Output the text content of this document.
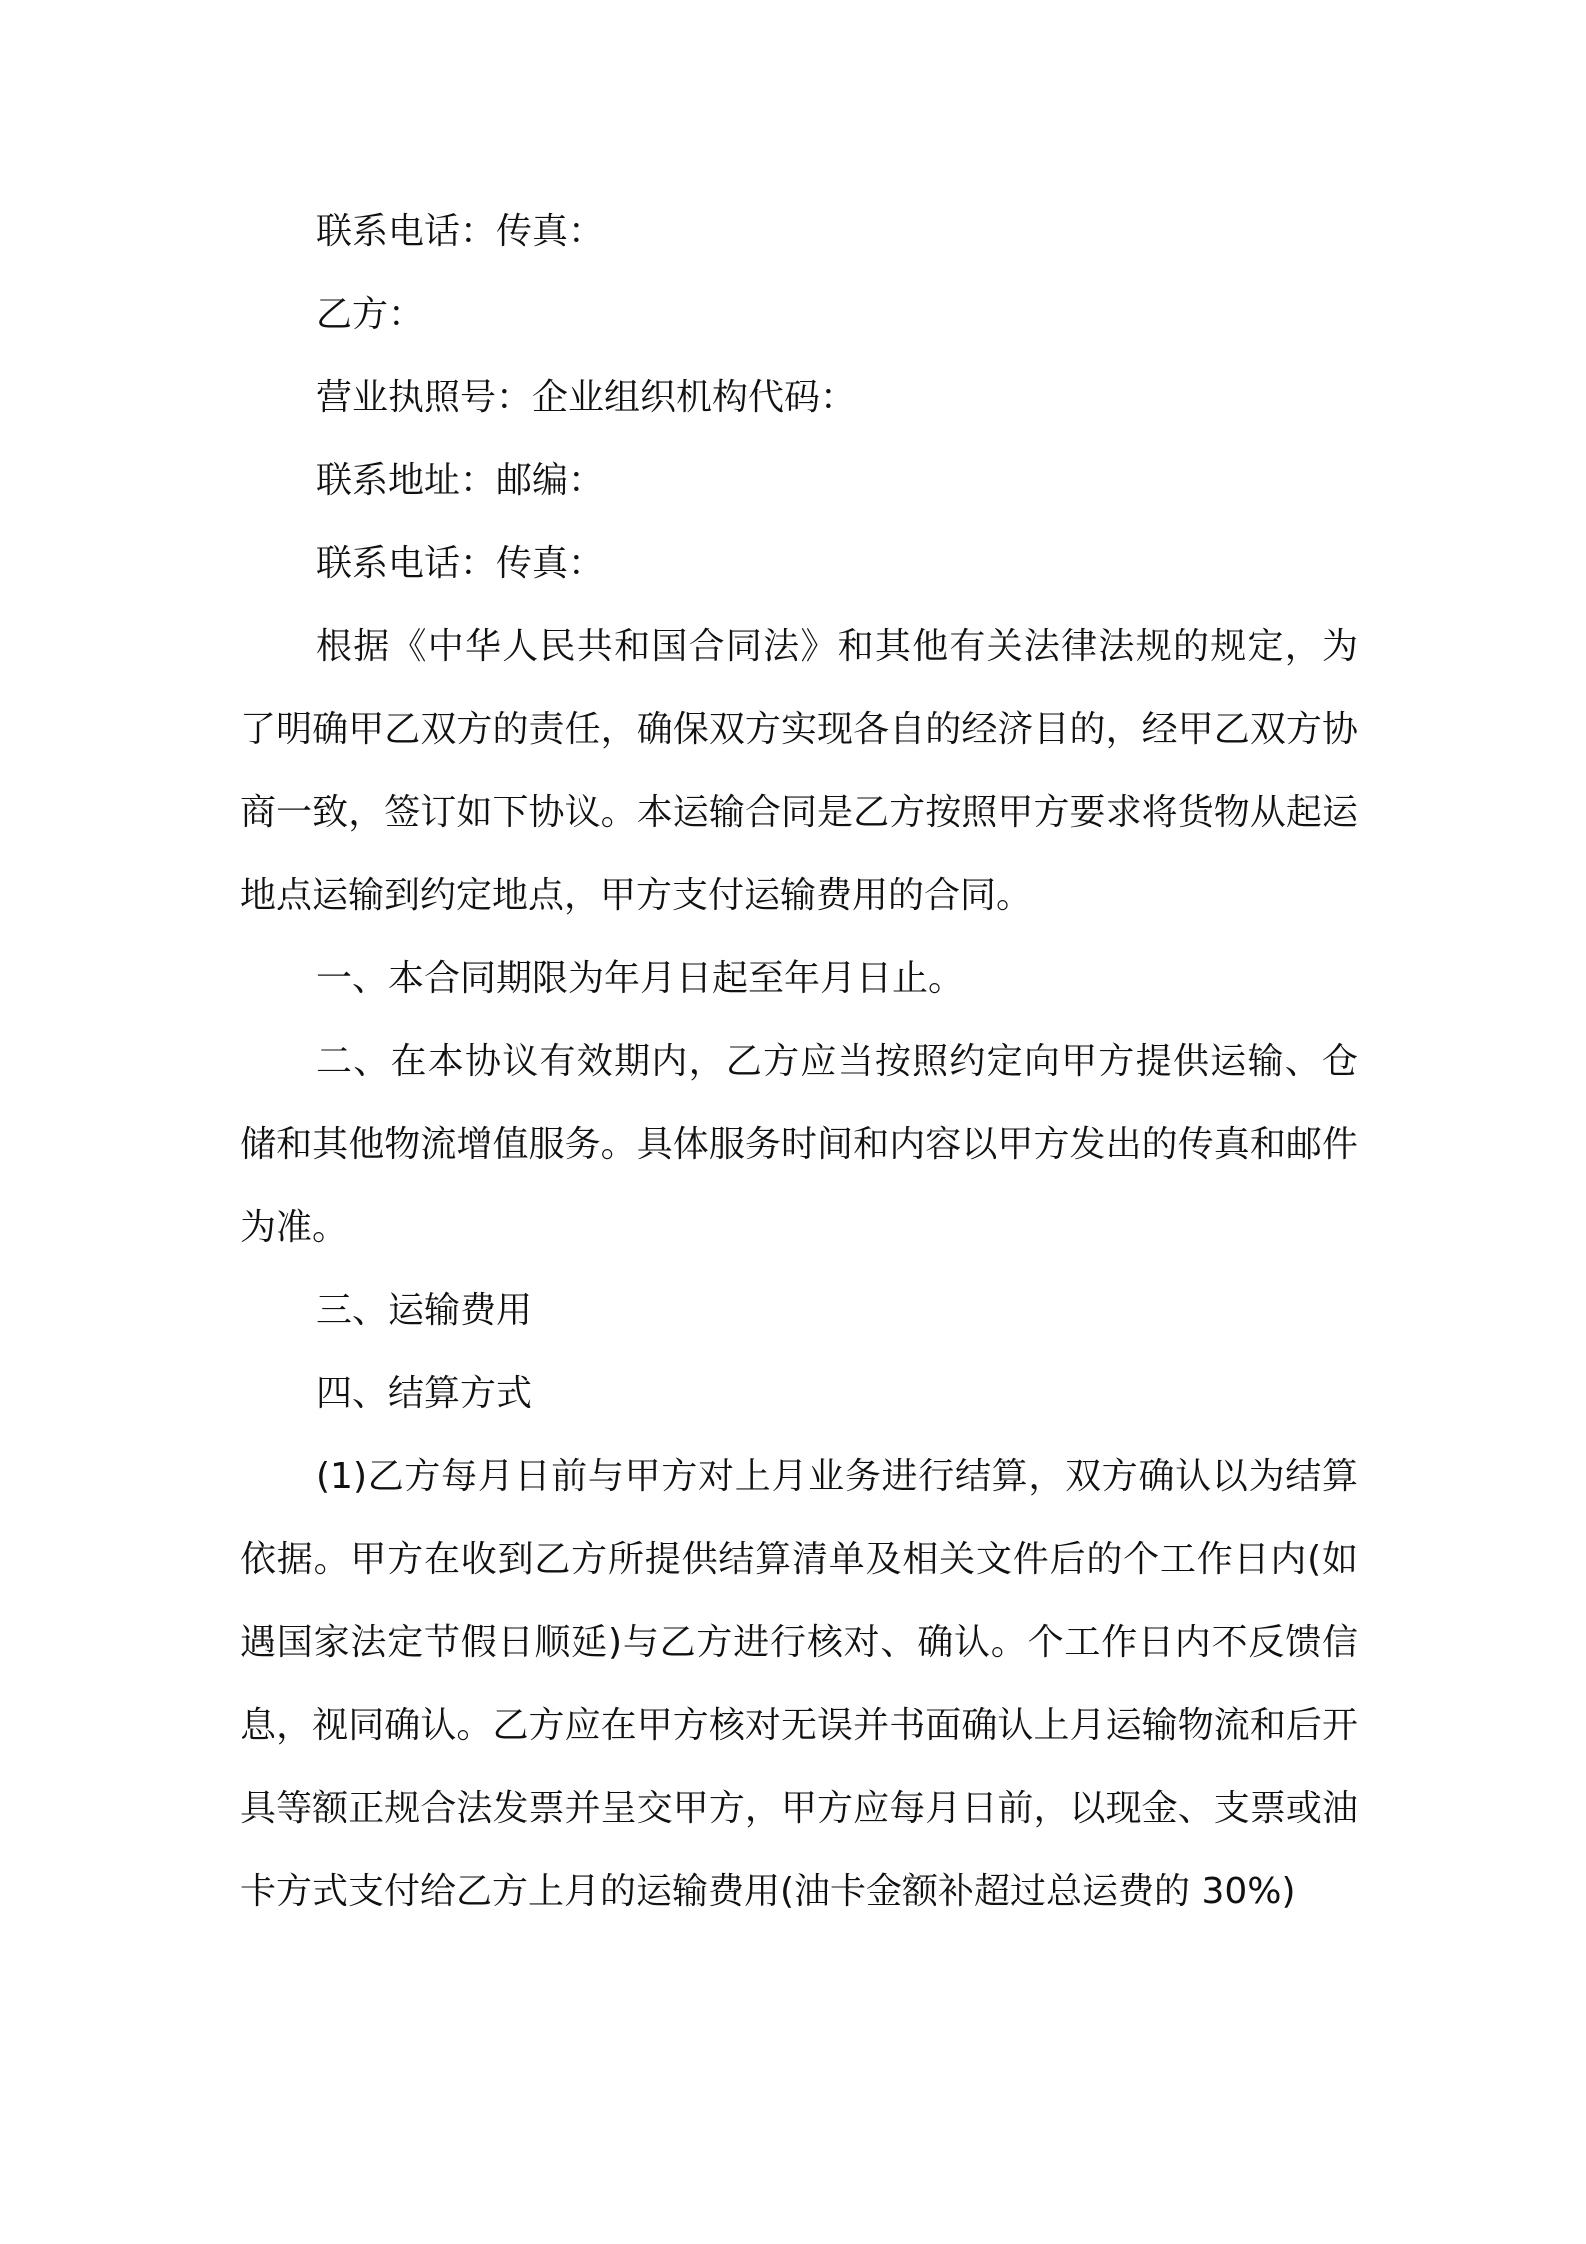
联系电话：传真：

乙方：

营业执照号：企业组织机构代码：

联系地址：邮编：

联系电话：传真：

根据《中华人民共和国合同法》和其他有关法律法规的规定，为了明确甲乙双方的责任，确保双方实现各自的经济目的，经甲乙双方协商一致，签订如下协议。本运输合同是乙方按照甲方要求将货物从起运地点运输到约定地点，甲方支付运输费用的合同。

一、本合同期限为年月日起至年月日止。

二、在本协议有效期内，乙方应当按照约定向甲方提供运输、仓储和其他物流增值服务。具体服务时间和内容以甲方发出的传真和邮件为准。

三、运输费用

四、结算方式

(1)乙方每月日前与甲方对上月业务进行结算，双方确认以为结算依据。甲方在收到乙方所提供结算清单及相关文件后的个工作日内(如遇国家法定节假日顺延)与乙方进行核对、确认。个工作日内不反馈信息，视同确认。乙方应在甲方核对无误并书面确认上月运输物流和后开具等额正规合法发票并呈交甲方，甲方应每月日前，以现金、支票或油卡方式支付给乙方上月的运输费用(油卡金额补超过总运费的 30%)
